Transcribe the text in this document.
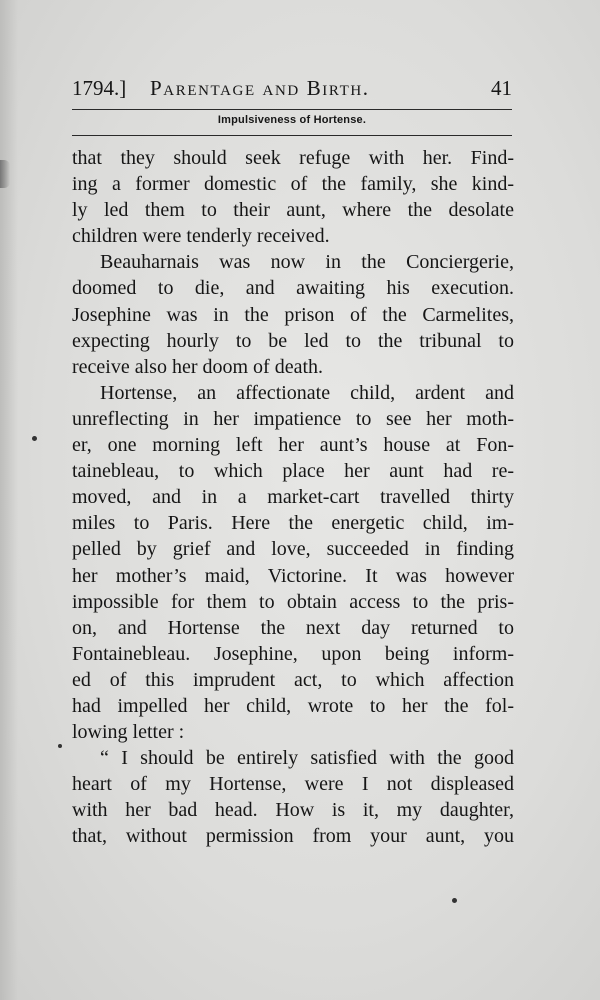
1794.] Parentage and Birth.	41
Impulsiveness of Hortense.
that they should seek refuge with her. Find-
ing a former domestic of the family, she kind-
ly led them to their aunt, where the desolate
children were tenderly received.
Beauharnais was now in the Conciergerie,
doomed to die, and awaiting his execution.
Josephine was in the prison of the Carmelites,
expecting hourly to be led to the tribunal to
receive also her doom of death.
Hortense, an affectionate child, ardent and
unreflecting in her impatience to see her moth-
er, one morning left her aunt’s house at Fon-
tainebleau, to which place her aunt had re-
moved, and in a market-cart travelled thirty
miles to Paris. Here the energetic child, im-
pelled by grief and love, succeeded in finding
her mother’s maid, Victorine. It was however
impossible for them to obtain access to the pris-
on, and Hortense the next day returned to
Fontainebleau. Josephine, upon being inform-
ed of this imprudent act, to which affection
had impelled her child, wrote to her the fol-
lowing letter :
“ I should be entirely satisfied with the good
heart of my Hortense, were I not displeased
with her bad head. How is it, my daughter,
that, without permission from your aunt, you
